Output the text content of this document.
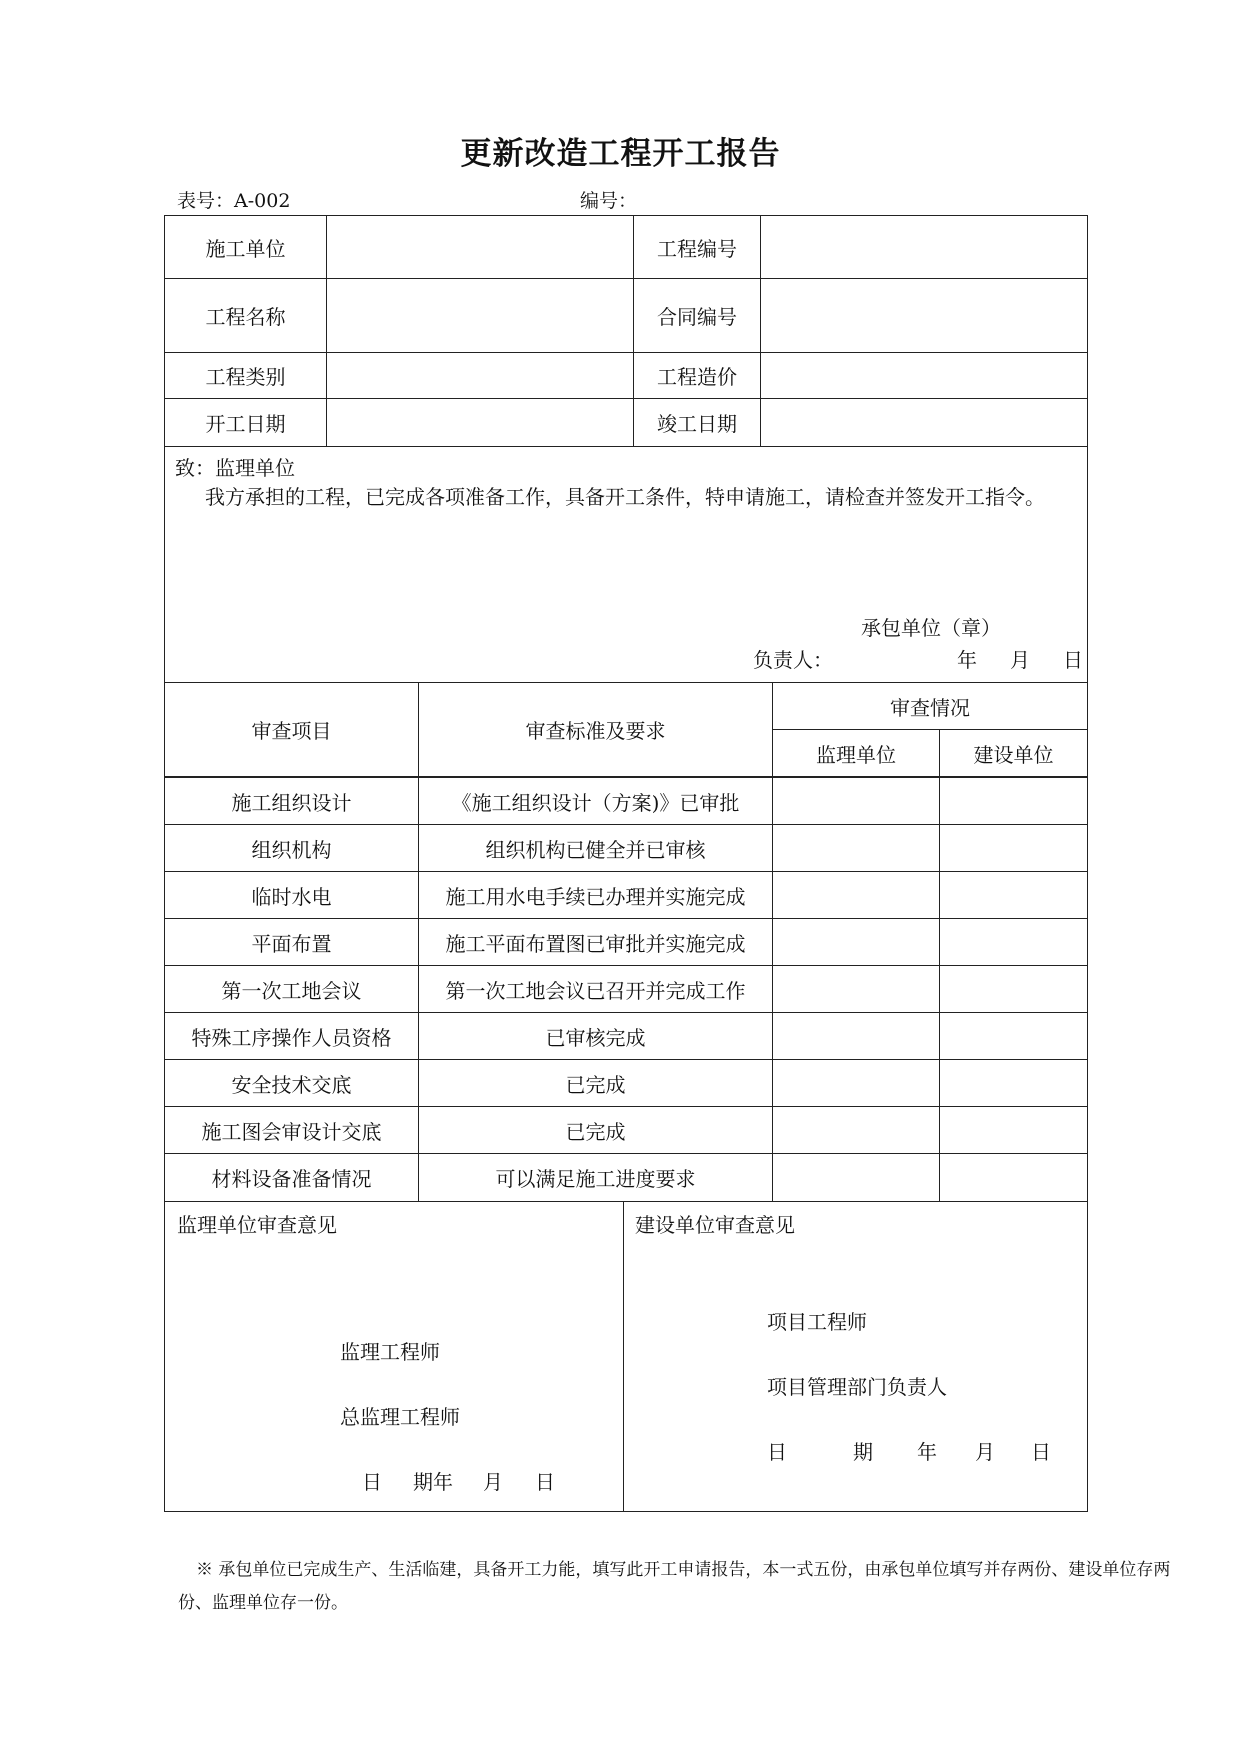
更新改造工程开工报告
表号：A-002	编号：
施工单位	工程编号
工程名称	合同编号
工程类别	工程造价
开工日期	竣工日期
致：监理单位
我方承担的工程，已完成各项准备工作，具备开工条件，特申请施工，请检查并签发开工指令。
承包单位（章）
负责人：	年 月 日
审查项目	审查标准及要求
审查情况
监理单位	建设单位
施工组织设计	《施工组织设计（方案)》已审批
组织机构	组织机构已健全并已审核
临时水电	施工用水电手续已办理并实施完成
平面布置	施工平面布置图已审批并实施完成
第一次工地会议	第一次工地会议已召开并完成工作
特殊工序操作人员资格	已审核完成
安全技术交底	已完成
施工图会审设计交底	已完成
材料设备准备情况	可以满足施工进度要求
监理单位审查意见
监理工程师
总监理工程师
日 期年 月 日
建设单位审查意见
项目工程师
项目管理部门负责人
日	期 年 月 日
※ 承包单位已完成生产、生活临建，具备开工力能，填写此开工申请报告，本一式五份，由承包单位填写并存两份、建设单位存两份、监理单位存一份。
